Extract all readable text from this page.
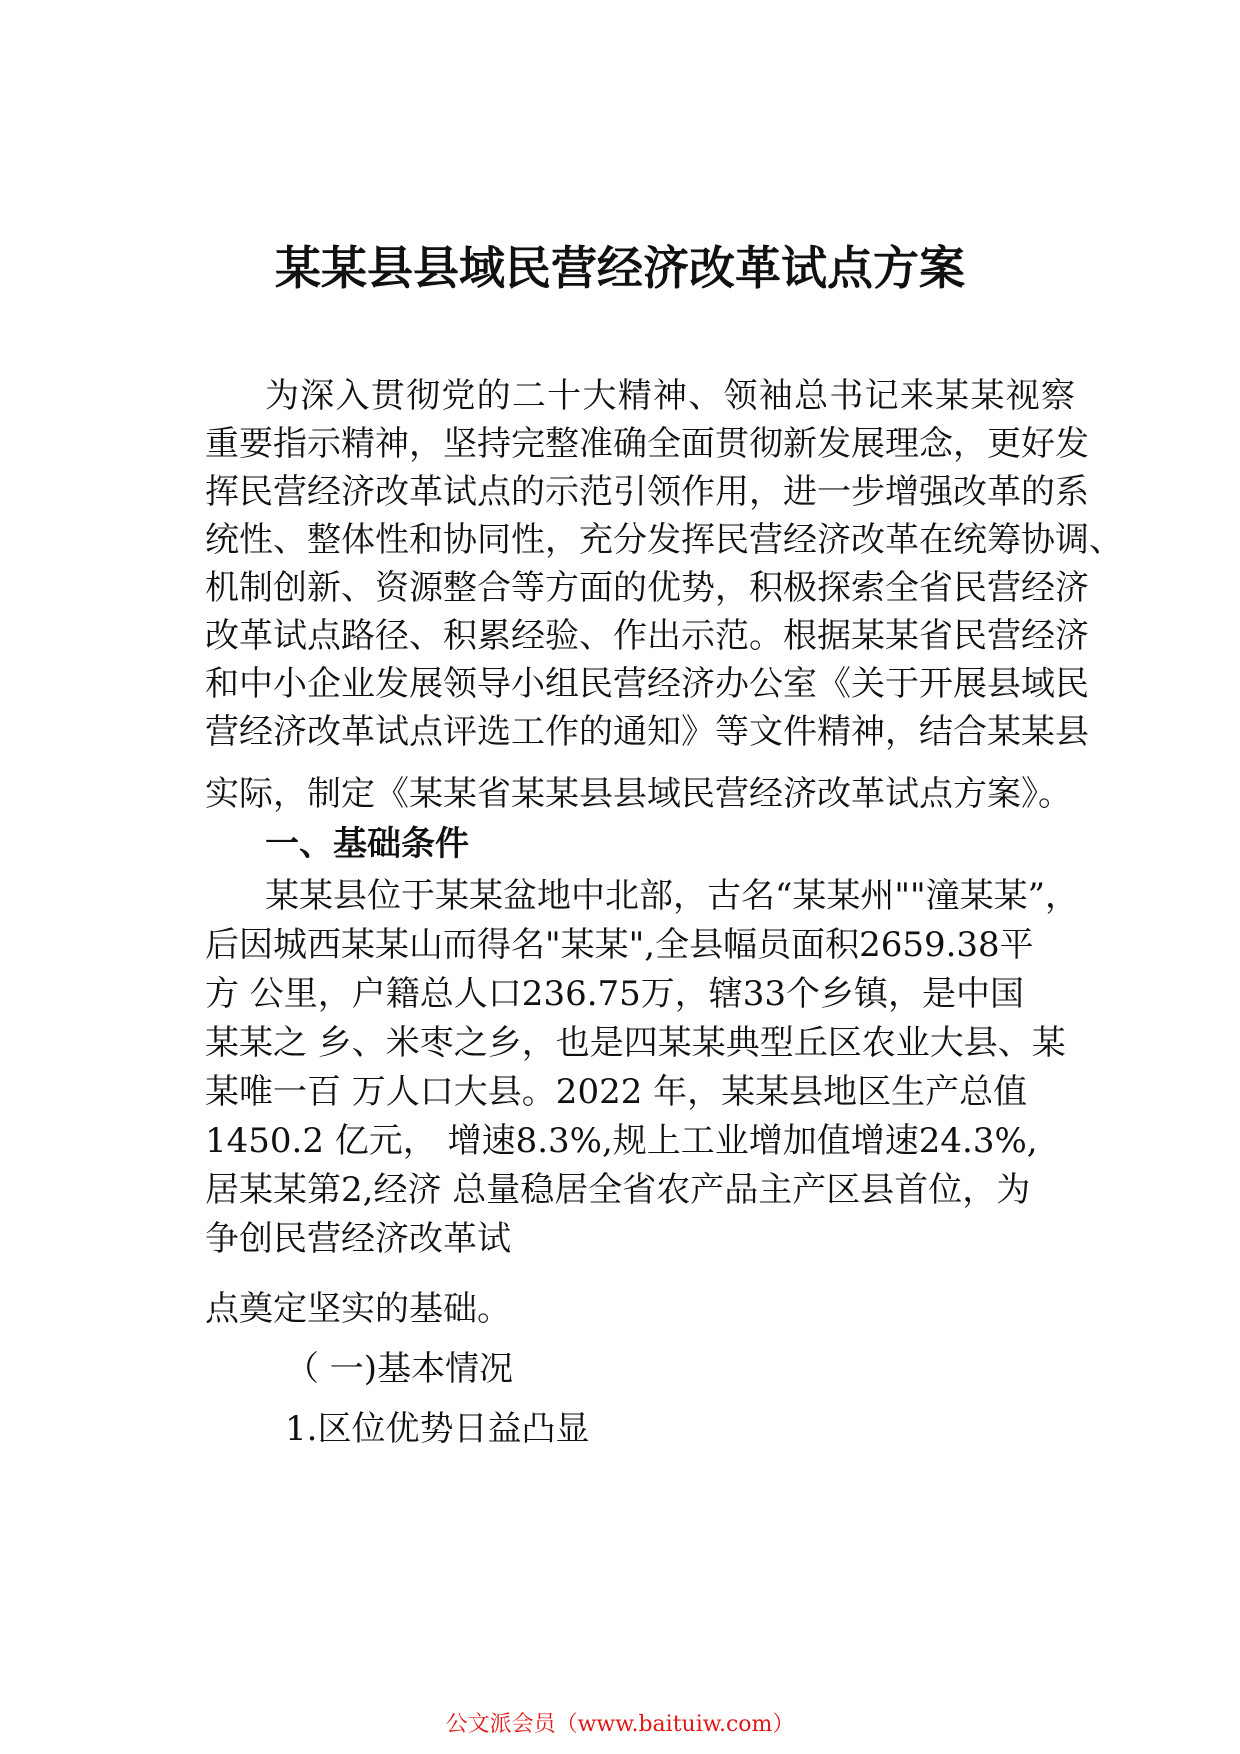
某某县县域民营经济改革试点方案
为深入贯彻党的二十大精神、领袖总书记来某某视察
重要指示精神，坚持完整准确全面贯彻新发展理念，更好发
挥民营经济改革试点的示范引领作用，进一步增强改革的系
统性、整体性和协同性，充分发挥民营经济改革在统筹协调、
机制创新、资源整合等方面的优势，积极探索全省民营经济
改革试点路径、积累经验、作出示范。根据某某省民营经济
和中小企业发展领导小组民营经济办公室《关于开展县域民
营经济改革试点评选工作的通知》等文件精神，结合某某县
实际，制定《某某省某某县县域民营经济改革试点方案》。
一、基础条件
某某县位于某某盆地中北部，古名“某某州""潼某某”，
后因城西某某山而得名"某某",全县幅员面积2659.38平
方 公里，户籍总人口236.75万，辖33个乡镇，是中国
某某之 乡、米枣之乡，也是四某某典型丘区农业大县、某
某唯一百 万人口大县。2022 年，某某县地区生产总值
1450.2 亿元， 增速8.3%,规上工业增加值增速24.3%,
居某某第2,经济 总量稳居全省农产品主产区县首位，为
争创民营经济改革试
点奠定坚实的基础。
（ 一)基本情况
1.区位优势日益凸显
公文派会员（www.baituiw.com）
